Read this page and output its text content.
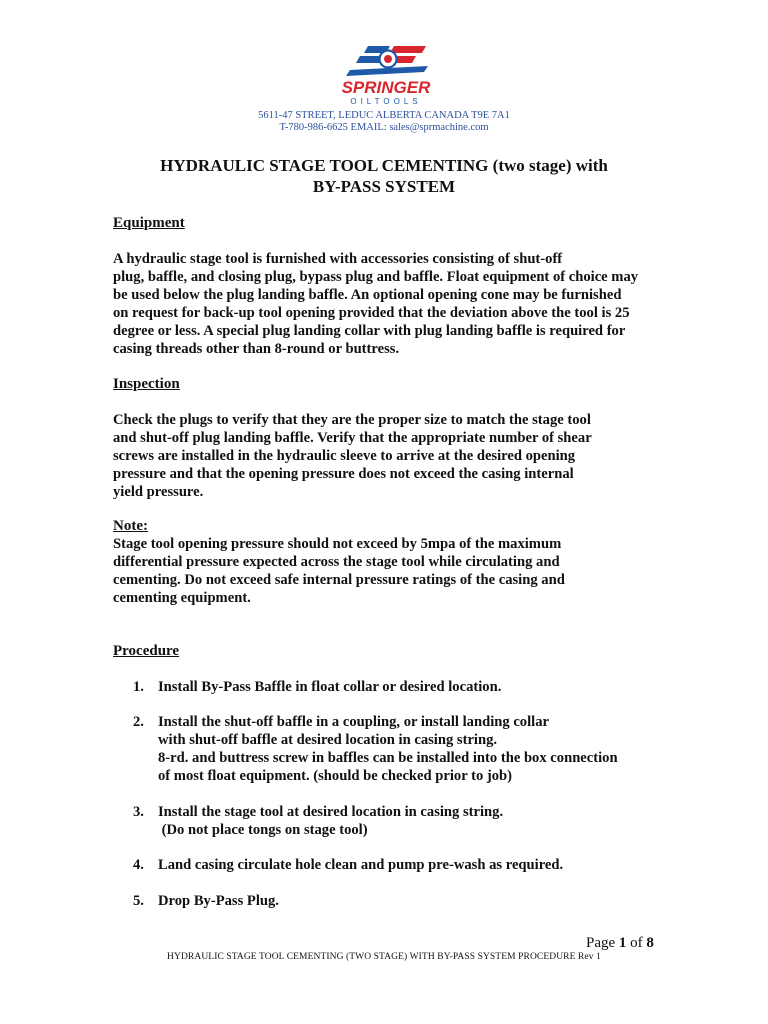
SPRINGER
OILTOOLS
5611-47 STREET, LEDUC ALBERTA CANADA T9E 7A1
T-780-986-6625 EMAIL: sales@sprmachine.com
HYDRAULIC STAGE TOOL CEMENTING (two stage) with
BY-PASS SYSTEM
Equipment
A hydraulic stage tool is furnished with accessories consisting of shut-off
plug, baffle, and closing plug, bypass plug and baffle. Float equipment of choice may
be used below the plug landing baffle. An optional opening cone may be furnished
on request for back-up tool opening provided that the deviation above the tool is 25
degree or less. A special plug landing collar with plug landing baffle is required for
casing threads other than 8-round or buttress.
Inspection
Check the plugs to verify that they are the proper size to match the stage tool
and shut-off plug landing baffle. Verify that the appropriate number of shear
screws are installed in the hydraulic sleeve to arrive at the desired opening
pressure and that the opening pressure does not exceed the casing internal
yield pressure.
Note:
Stage tool opening pressure should not exceed by 5mpa of the maximum
differential pressure expected across the stage tool while circulating and
cementing. Do not exceed safe internal pressure ratings of the casing and
cementing equipment.
Procedure
1. Install By-Pass Baffle in float collar or desired location.
2. Install the shut-off baffle in a coupling, or install landing collar
with shut-off baffle at desired location in casing string.
8-rd. and buttress screw in baffles can be installed into the box connection
of most float equipment. (should be checked prior to job)
3. Install the stage tool at desired location in casing string.
(Do not place tongs on stage tool)
4. Land casing circulate hole clean and pump pre-wash as required.
5. Drop By-Pass Plug.
Page 1 of 8
HYDRAULIC STAGE TOOL CEMENTING (TWO STAGE) WITH BY-PASS SYSTEM PROCEDURE Rev 1
